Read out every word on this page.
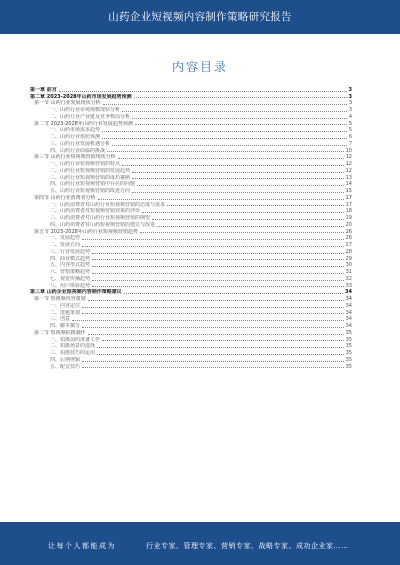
山药企业短视频内容制作策略研究报告
内容目录
第一章 前言	3
第二章 2023-2028年山药市场发展趋势预测	3
第一节 山药行业发展现状分析	3
一、山药行业市场规模现状分析	3
二、山药行业产业链及竞争格局分析	4
第二节 2023-2028年山药行业发展趋势预测	5
一、山药市场需求趋势	5
二、山药行业供给预测	6
三、山药行业发展机遇分析	7
四、山药行业面临的挑战	10
第三节 山药行业短视频营销现状分析	12
一、山药行业短视频营销的特点	12
二、山药行业短视频营销的发展趋势	12
三、山药行业短视频营销的成功案例	13
四、山药行业短视频营销中存在的问题	14
五、山药行业短视频营销的改进方向	15
第四节 山药行业消费者分析	17
一、山药消费者对山药行业短视频营销的态度与需求	17
二、山药消费者对短视频营销效果的评价	18
三、山药消费者对山药行业短视频营销的期望	19
四、山药消费者对山药短视频营销的建议与改进	20
第五节 2023-2028年山药行业短视频营销趋势	26
一、发展趋势	26
二、发展方向	27
三、行业发展趋势	28
四、商业模式趋势	29
五、内容形式趋势	30
六、营销策略趋势	31
七、视觉传播趋势	32
八、用户体验趋势	33
第三章 山药企业短视频内容制作策略建议	34
第一节 短视频内容策划	34
一、内容定位	34
二、选题策划	34
三、创意	34
四、脚本撰写	34
第二节 短视频拍摄制作	35
一、拍摄前的准备工作	35
二、拍摄场景的选择	35
三、拍摄技巧的运用	35
四、后期剪辑	35
五、配音技巧	35
让每个人都能成为	行业专家、管理专家、营销专家、战略专家、成功企业家……
